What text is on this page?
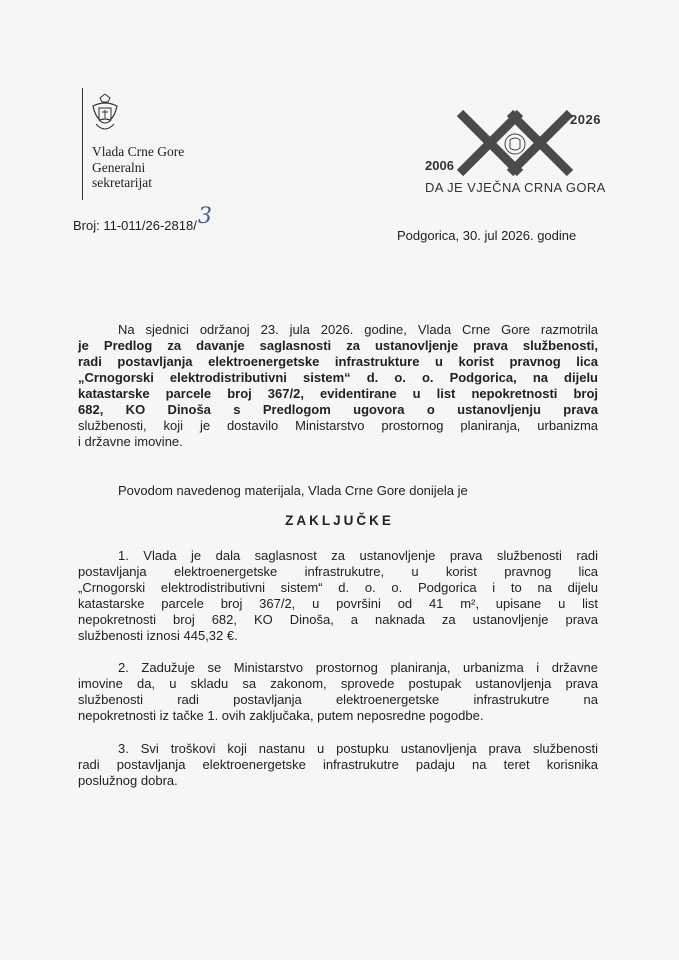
Vlada Crne Gore
Generalni
sekretarijat
2026
2006
DA JE VJEČNA CRNA GORA
Broj: 11-011/26-2818/ 3
Podgorica, 30. jul 2026. godine
Na sjednici održanoj 23. jula 2026. godine, Vlada Crne Gore razmotrila
je Predlog za davanje saglasnosti za ustanovljenje prava službenosti,
radi postavljanja elektroenergetske infrastrukture u korist pravnog lica
„Crnogorski elektrodistributivni sistem“ d. o. o. Podgorica, na dijelu
katastarske parcele broj 367/2, evidentirane u list nepokretnosti broj
682, KO Dinoša s Predlogom ugovora o ustanovljenju prava
službenosti, koji je dostavilo Ministarstvo prostornog planiranja, urbanizma
i državne imovine.
Povodom navedenog materijala, Vlada Crne Gore donijela je
ZAKLJUČKE
1. Vlada je dala saglasnost za ustanovljenje prava službenosti radi
postavljanja elektroenergetske infrastrukutre, u korist pravnog lica
„Crnogorski elektrodistributivni sistem“ d. o. o. Podgorica i to na dijelu
katastarske parcele broj 367/2, u površini od 41 m², upisane u list
nepokretnosti broj 682, KO Dinoša, a naknada za ustanovljenje prava
službenosti iznosi 445,32 €.
2. Zadužuje se Ministarstvo prostornog planiranja, urbanizma i državne
imovine da, u skladu sa zakonom, sprovede postupak ustanovljenja prava
službenosti radi postavljanja elektroenergetske infrastrukutre na
nepokretnosti iz tačke 1. ovih zaključaka, putem neposredne pogodbe.
3. Svi troškovi koji nastanu u postupku ustanovljenja prava službenosti
radi postavljanja elektroenergetske infrastrukutre padaju na teret korisnika
poslužnog dobra.
